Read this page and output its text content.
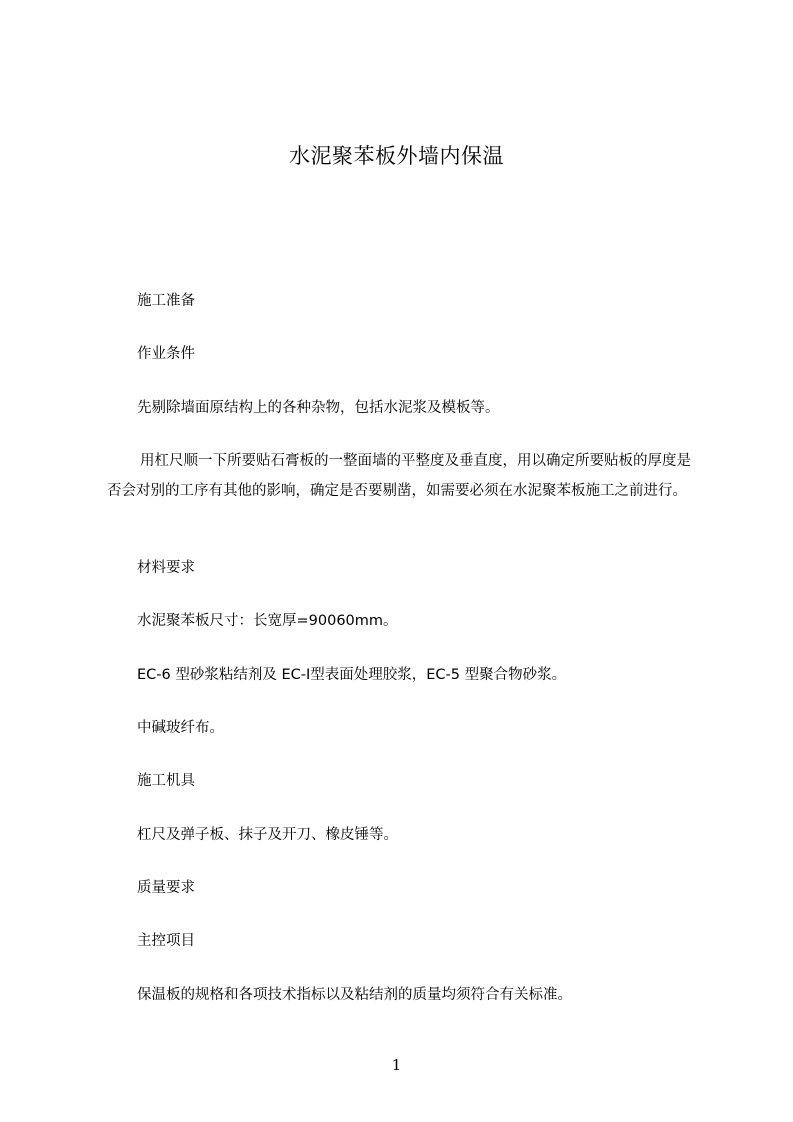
水泥聚苯板外墙内保温
施工准备
作业条件
先剔除墙面原结构上的各种杂物，包括水泥浆及模板等。
用杠尺顺一下所要贴石膏板的一整面墙的平整度及垂直度，用以确定所要贴板的厚度是否会对别的工序有其他的影响，确定是否要剔凿，如需要必须在水泥聚苯板施工之前进行。
材料要求
水泥聚苯板尺寸：长宽厚=90060mm。
EC-6 型砂浆粘结剂及 EC-Ⅰ型表面处理胶浆，EC-5 型聚合物砂浆。
中碱玻纤布。
施工机具
杠尺及弹子板、抹子及开刀、橡皮锤等。
质量要求
主控项目
保温板的规格和各项技术指标以及粘结剂的质量均须符合有关标准。
1
